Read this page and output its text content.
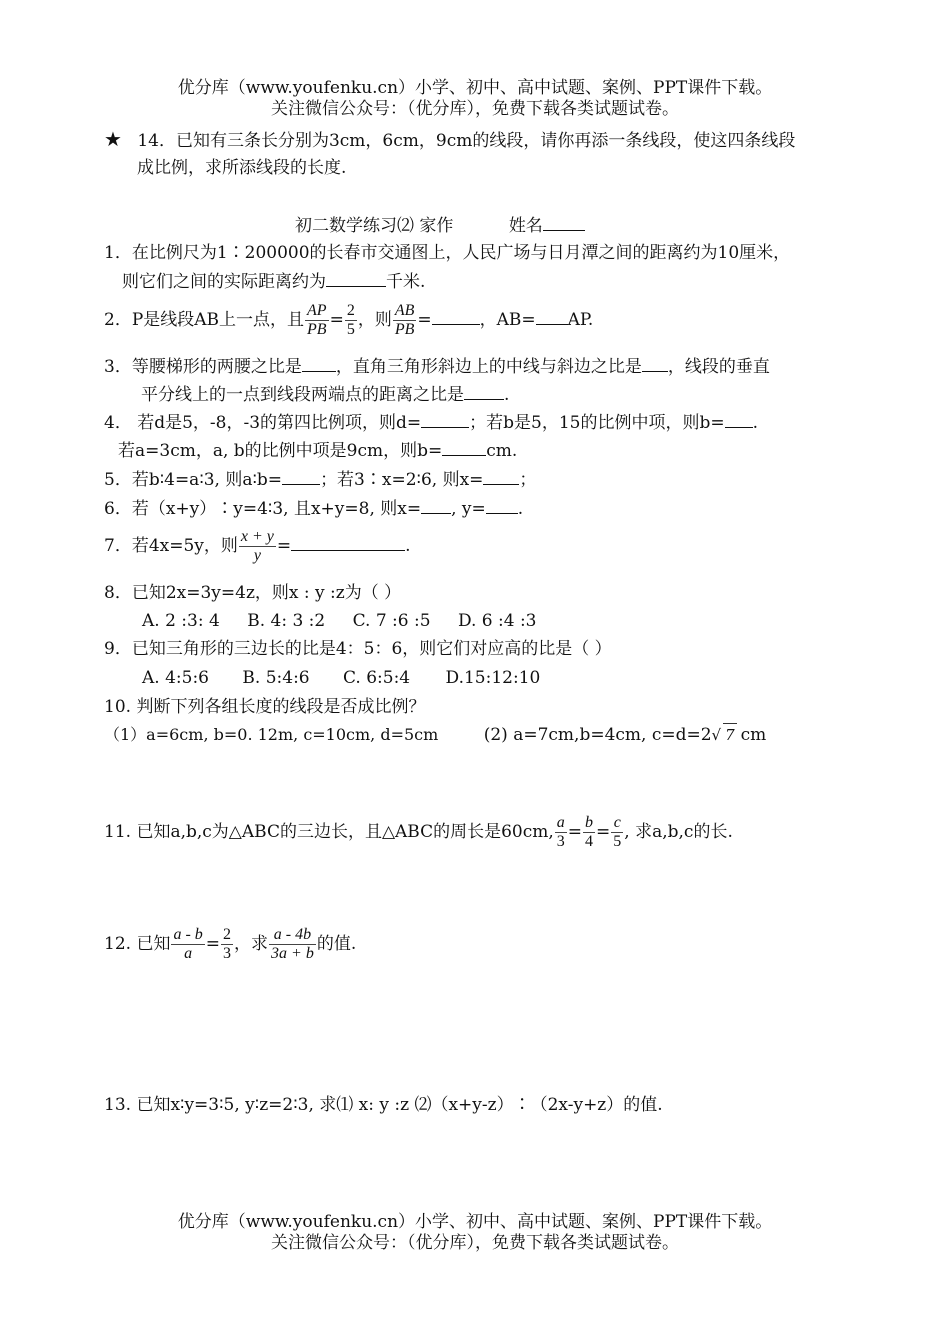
优分库（www.youfenku.cn）小学、初中、高中试题、案例、PPT课件下载。
关注微信公众号：（优分库），免费下载各类试题试卷。
★ 14．已知有三条长分别为3cm，6cm，9cm的线段，请你再添一条线段，使这四条线段
成比例，求所添线段的长度.
初二数学练习⑵ 家作	姓名
1．在比例尺为1∶200000的长春市交通图上，人民广场与日月潭之间的距离约为10厘米，
则它们之间的实际距离约为	千米.
2．P是线段AB上一点，且 $\frac{AP}{PB} = \frac{2}{5}$ ，则 $\frac{AB}{PB}$ =	，AB= AP.
3．等腰梯形的两腰之比是 ，直角三角形斜边上的中线与斜边之比是 ，线段的垂直
平分线上的一点到线段两端点的距离之比是 .
4． 若d是5，-8，-3的第四比例项，则d=	；若b是5，15的比例中项，则b= .
若a=3cm，a, b的比例中项是9cm，则b=	cm.
5．若b∶4=a∶3, 则a∶b= ；若3∶x=2∶6, 则x= ；
6．若（x+y）∶y=4∶3, 且x+y=8, 则x= , y= .
7．若4x=5y，则 $\frac{x + y}{y}$ =	.
8．已知2x=3y=4z，则x : y :z为（ ）
A. 2 :3: 4 B. 4: 3 :2 C. 7 :6 :5 D. 6 :4 :3
9．已知三角形的三边长的比是4：5：6，则它们对应高的比是（ ）
A. 4:5:6 B. 5:4:6 C. 6:5:4 D.15:12:10
10. 判断下列各组长度的线段是否成比例？
（1）a=6cm, b=0. 12m, c=10cm, d=5cm	(2) a=7cm,b=4cm, c=d=2√ 7 cm
11. 已知a,b,c为△ABC的三边长，且△ABC的周长是60cm, $\frac{a}{3} = \frac{b}{4} = \frac{c}{5}$ , 求a,b,c的长.
12. 已知 $\frac{a - b}{a} = \frac{2}{3}$ ，求 $\frac{a - 4b}{3a + b}$ 的值.
13. 已知x∶y=3∶5, y∶z=2∶3, 求⑴ x: y :z ⑵（x+y-z）∶（2x-y+z）的值.
优分库（www.youfenku.cn）小学、初中、高中试题、案例、PPT课件下载。
关注微信公众号：（优分库），免费下载各类试题试卷。
